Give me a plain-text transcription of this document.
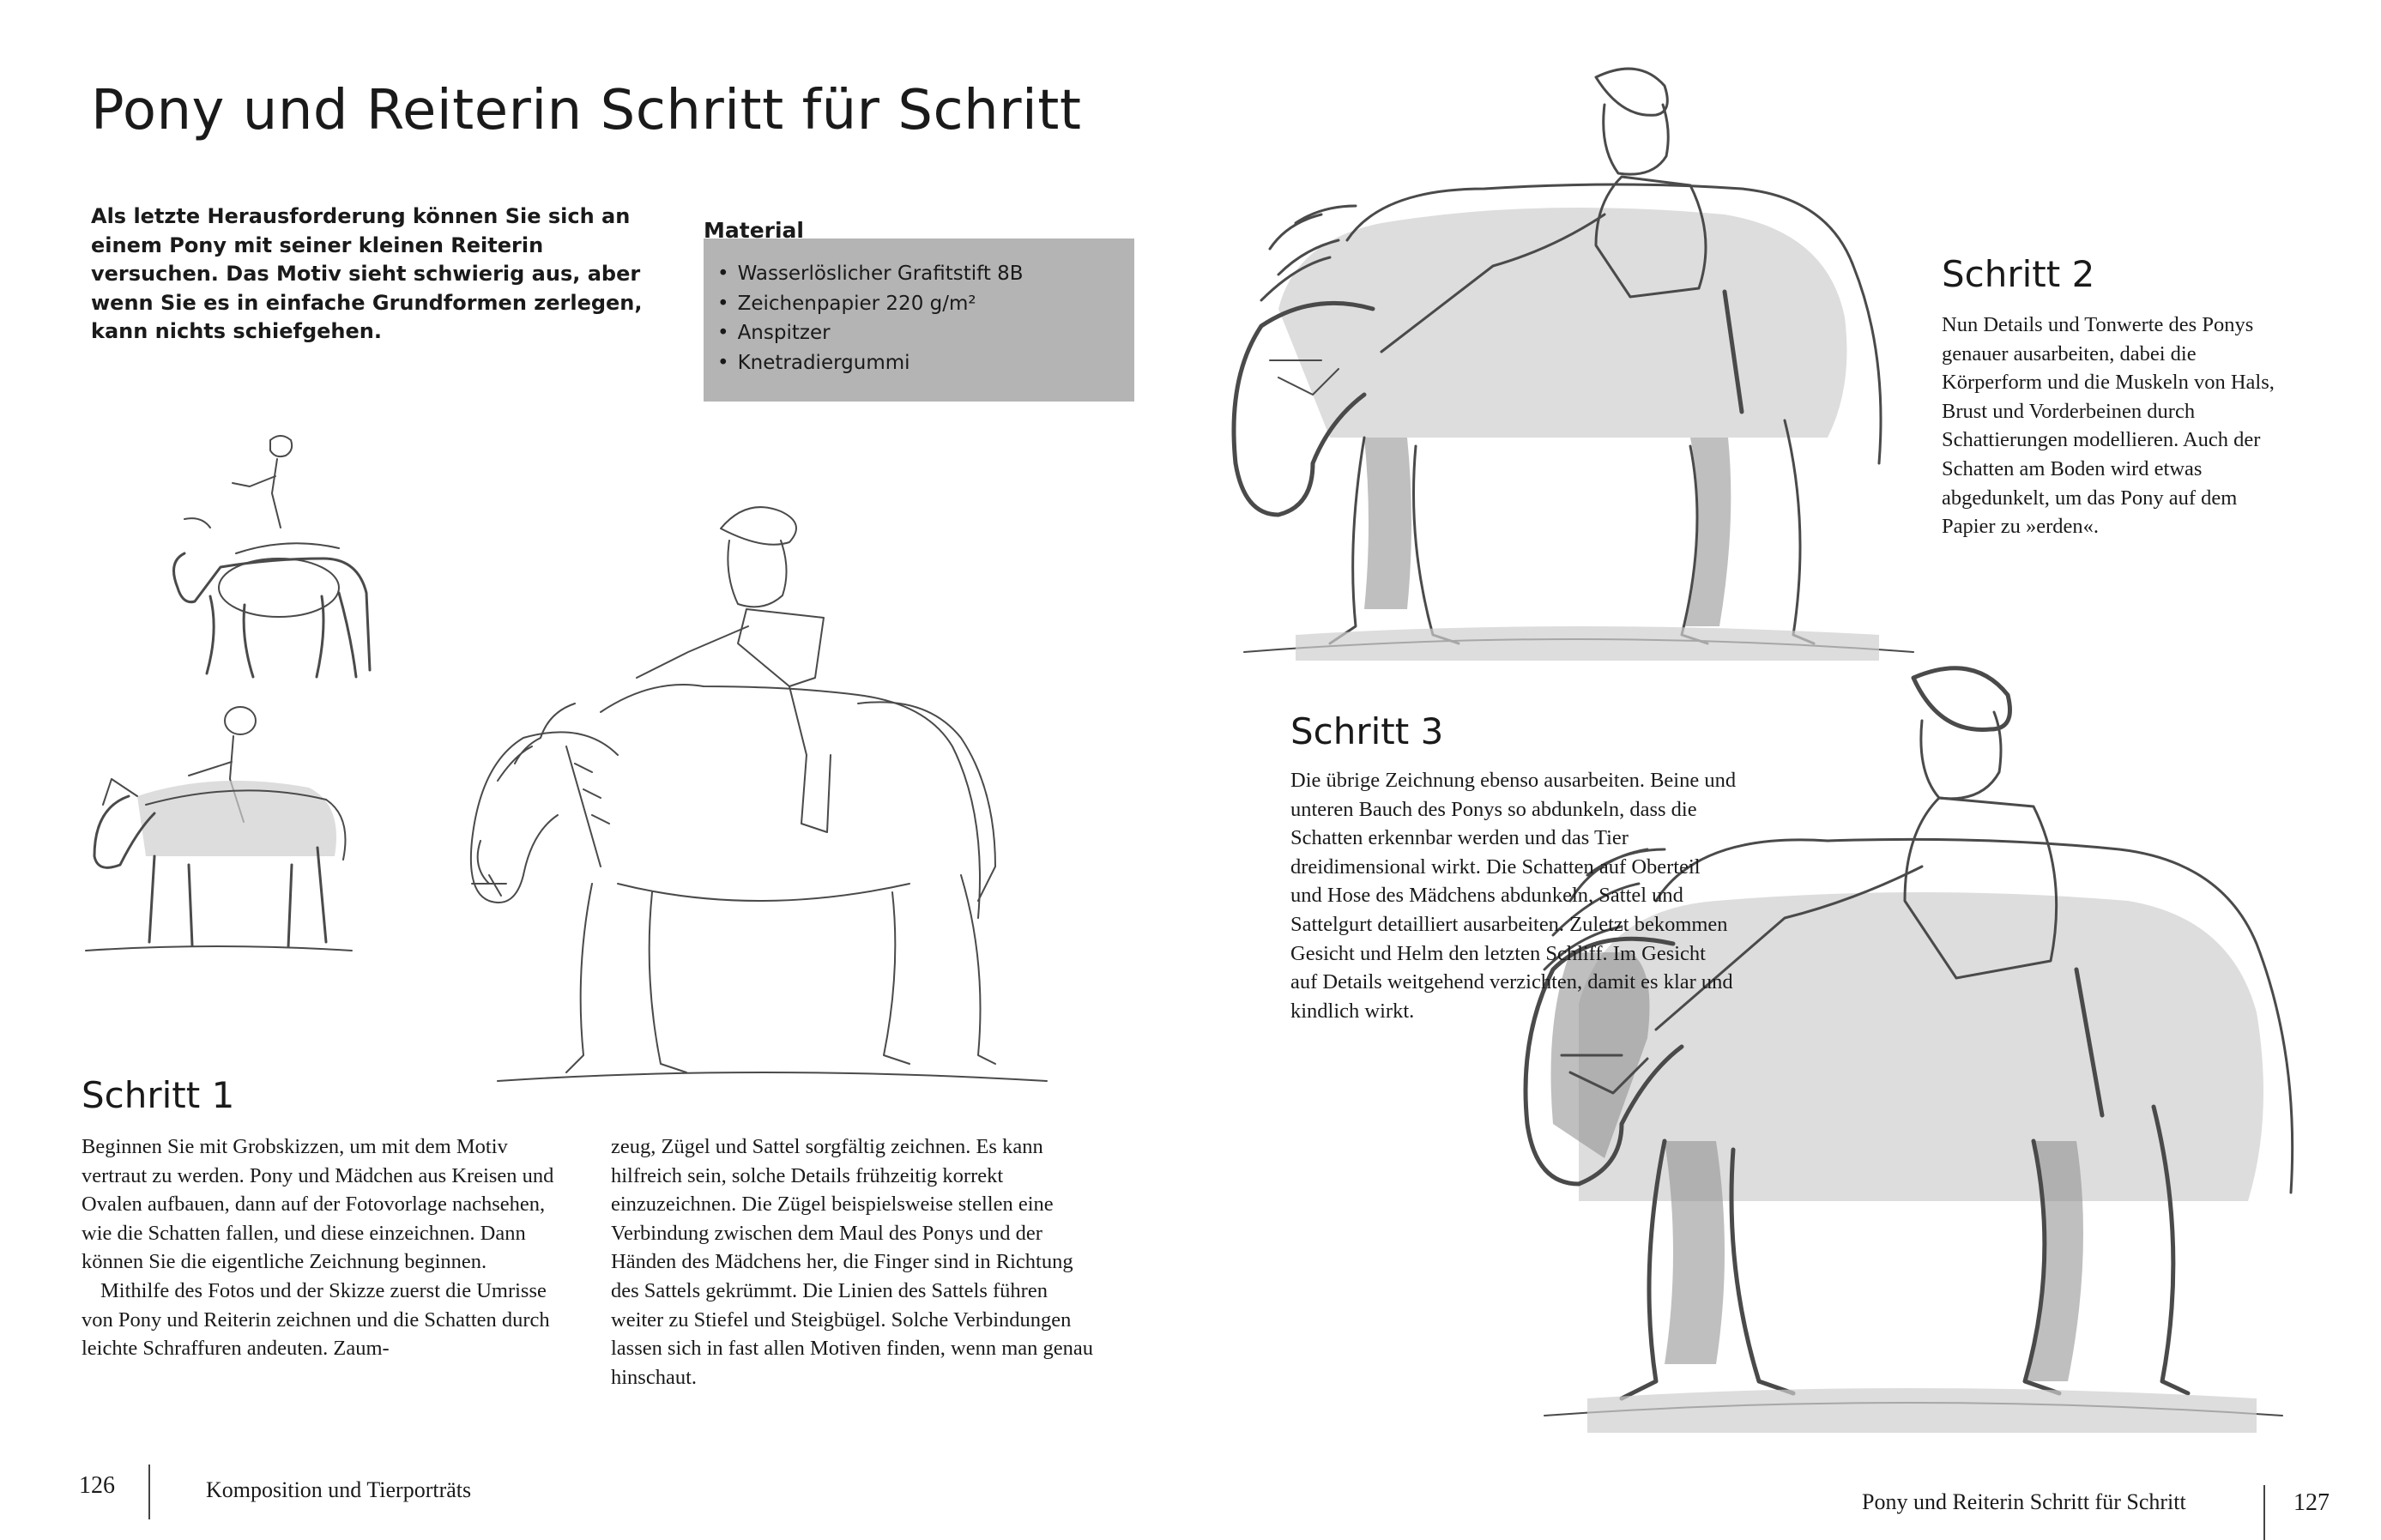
Pony und Reiterin Schritt für Schritt
Als letzte Herausforderung können Sie sich an einem Pony mit seiner kleinen Reiterin versuchen. Das Motiv sieht schwierig aus, aber wenn Sie es in einfache Grundformen zerlegen, kann nichts schiefgehen.
Material
• Wasserlöslicher Grafitstift 8B
• Zeichenpapier 220 g/m²
• Anspitzer
• Knetradiergummi
Schritt 1

Beginnen Sie mit Grobskizzen, um mit dem Motiv vertraut zu werden. Pony und Mädchen aus Kreisen und Ovalen aufbauen, dann auf der Fotovorlage nachsehen, wie die Schatten fallen, und diese einzeichnen. Dann können Sie die eigentliche Zeichnung beginnen.

Mithilfe des Fotos und der Skizze zuerst die Umrisse von Pony und Reiterin zeichnen und die Schatten durch leichte Schraffuren andeuten. Zaum-

zeug, Zügel und Sattel sorgfältig zeichnen. Es kann hilfreich sein, solche Details frühzeitig korrekt einzuzeichnen. Die Zügel beispielsweise stellen eine Verbindung zwischen dem Maul des Ponys und der Händen des Mädchens her, die Finger sind in Richtung des Sattels gekrümmt. Die Linien des Sattels führen weiter zu Stiefel und Steigbügel. Solche Verbindungen lassen sich in fast allen Motiven finden, wenn man genau hinschaut.

Schritt 2
Nun Details und Tonwerte des Ponys genauer ausarbeiten, dabei die Körperform und die Muskeln von Hals, Brust und Vorderbeinen durch Schattierungen modellieren. Auch der Schatten am Boden wird etwas abgedunkelt, um das Pony auf dem Papier zu »erden«.
Schritt 3
Die übrige Zeichnung ebenso ausarbeiten. Beine und unteren Bauch des Ponys so abdunkeln, dass die Schatten erkennbar werden und das Tier dreidimensional wirkt. Die Schatten auf Oberteil und Hose des Mädchens abdunkeln, Sattel und Sattelgurt detailliert ausarbeiten. Zuletzt bekommen Gesicht und Helm den letzten Schliff. Im Gesicht auf Details weitgehend verzichten, damit es klar und kindlich wirkt.
126	Komposition und Tierporträts	Pony und Reiterin Schritt für Schritt	127
